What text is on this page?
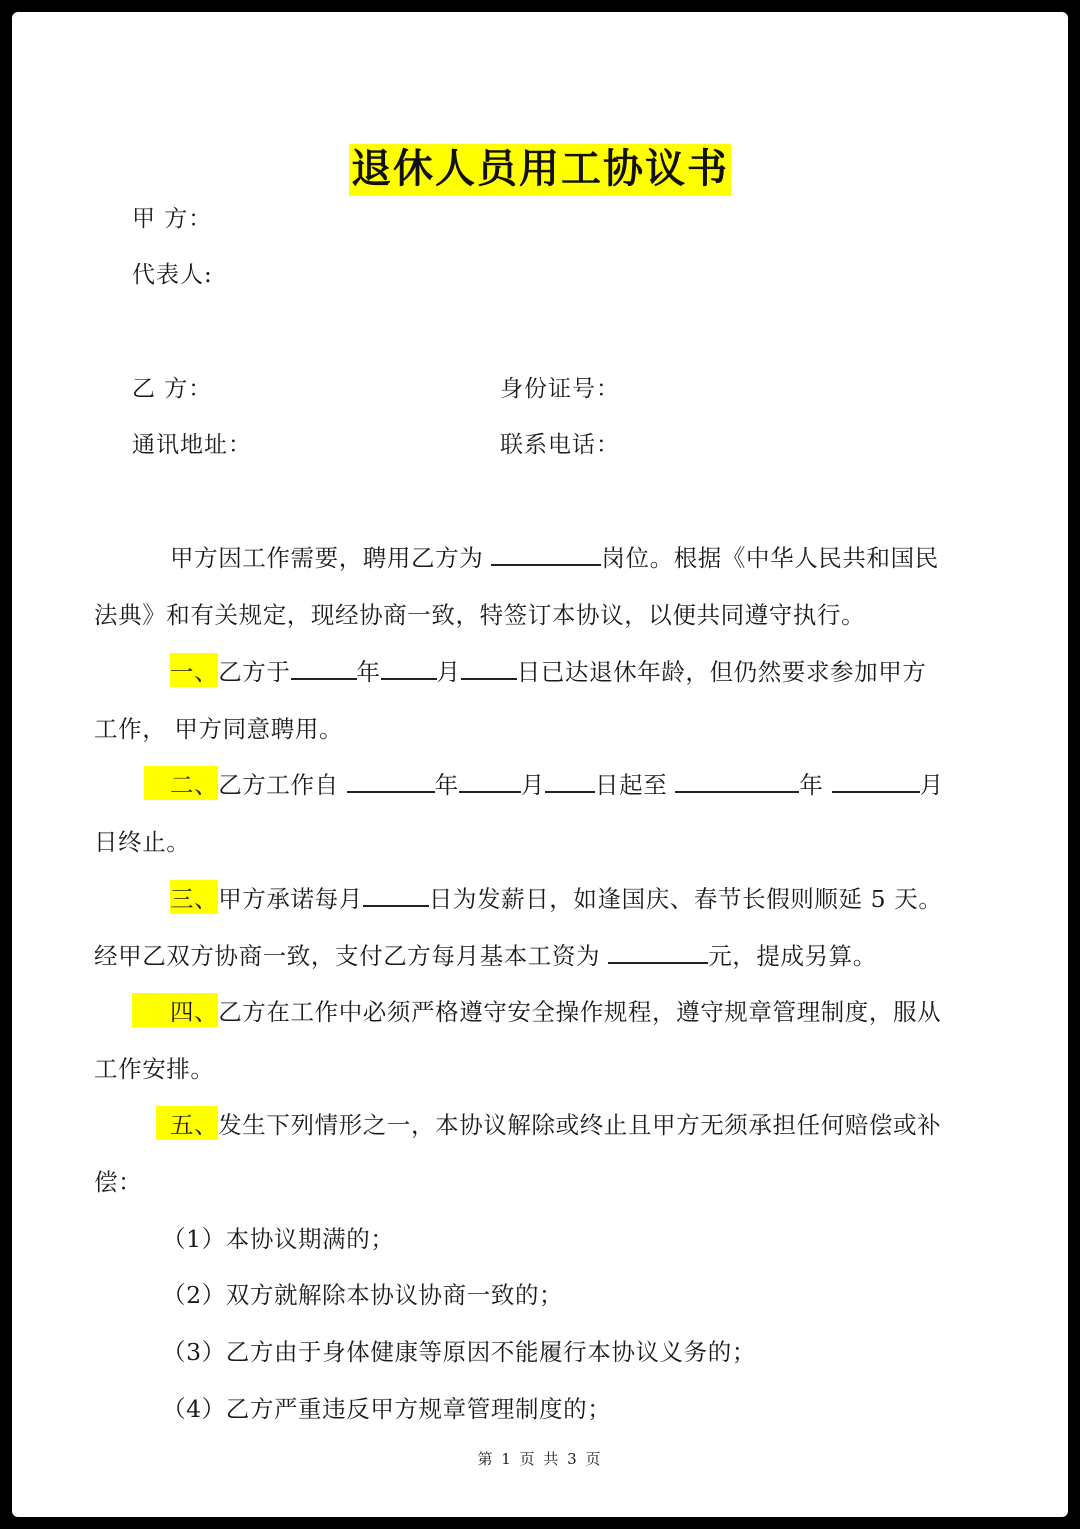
退休人员用工协议书
甲 方：
代表人:
乙 方：	身份证号：
通讯地址：	联系电话：
甲方因工作需要，聘用乙方为	岗位。根据《中华人民共和国民
法典》和有关规定，现经协商一致，特签订本协议，以便共同遵守执行。
一、乙方于	年 月 日已达退休年龄，但仍然要求参加甲方
工作， 甲方同意聘用。
二、乙方工作自	年	月 日起至	年	月
日终止。
三、甲方承诺每月	日为发薪日，如逢国庆、春节长假则顺延 5 天。
经甲乙双方协商一致，支付乙方每月基本工资为	元，提成另算。
四、乙方在工作中必须严格遵守安全操作规程，遵守规章管理制度，服从
工作安排。
五、发生下列情形之一，本协议解除或终止且甲方无须承担任何赔偿或补
偿：
（1）本协议期满的；
（2）双方就解除本协议协商一致的；
（3）乙方由于身体健康等原因不能履行本协议义务的；
（4）乙方严重违反甲方规章管理制度的；
第 1 页 共 3 页
